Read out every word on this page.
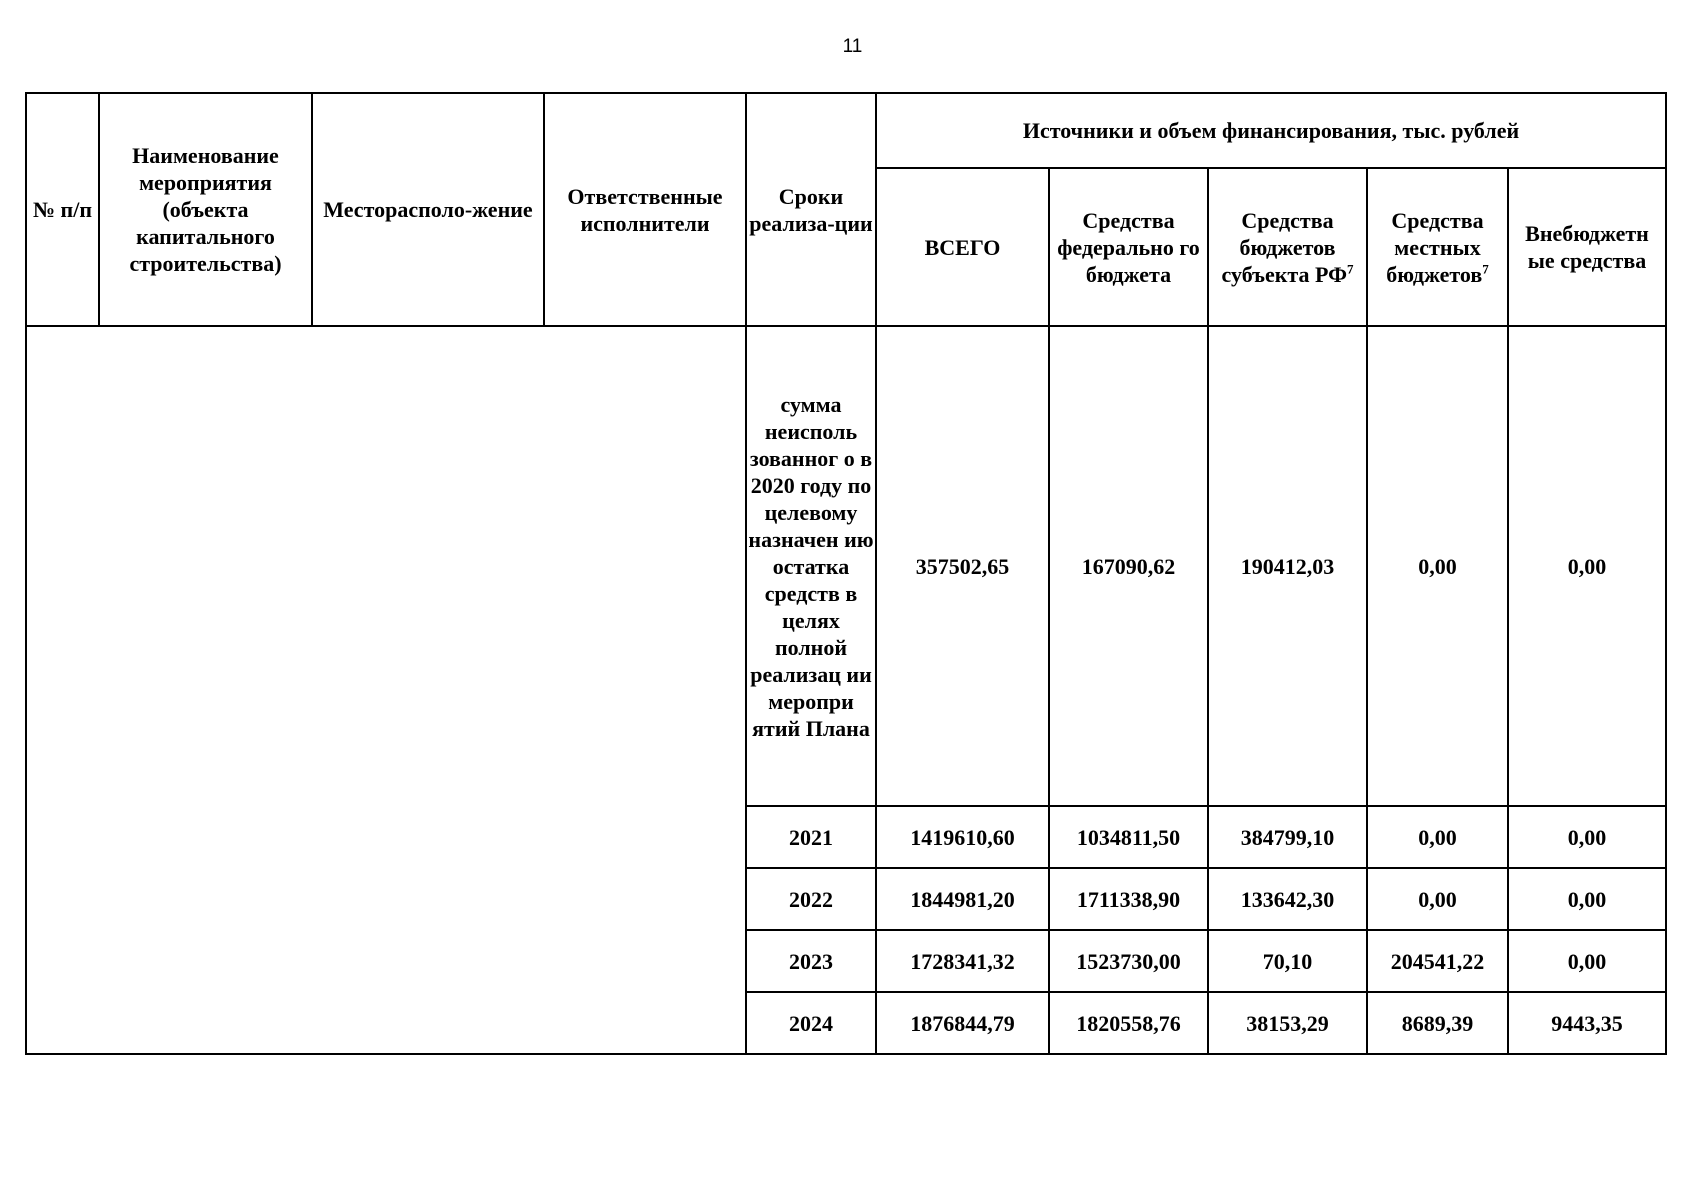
11
№ п/п	Наименование мероприятия (объекта капитального строительства)	Месторасполо-жение	Ответственные исполнители	Сроки реализа-ции	Источники и объем финансирования, тыс. рублей				
					ВСЕГО	Средства федерально го бюджета	Средства бюджетов субъекта $РФ^7$	Средства местных бюджетов$^7$	Внебюджетн ые средства
				сумма неисполь зованног о в 2020 году по целевому назначен ию остатка средств в целях полной реализац ии меропри ятий Плана	357502,65	167090,62	190412,03	0,00	0,00
				2021	1419610,60	1034811,50	384799,10	0,00	0,00
				2022	1844981,20	1711338,90	133642,30	0,00	0,00
				2023	1728341,32	1523730,00	70,10	204541,22	0,00
				2024	1876844,79	1820558,76	38153,29	8689,39	9443,35
